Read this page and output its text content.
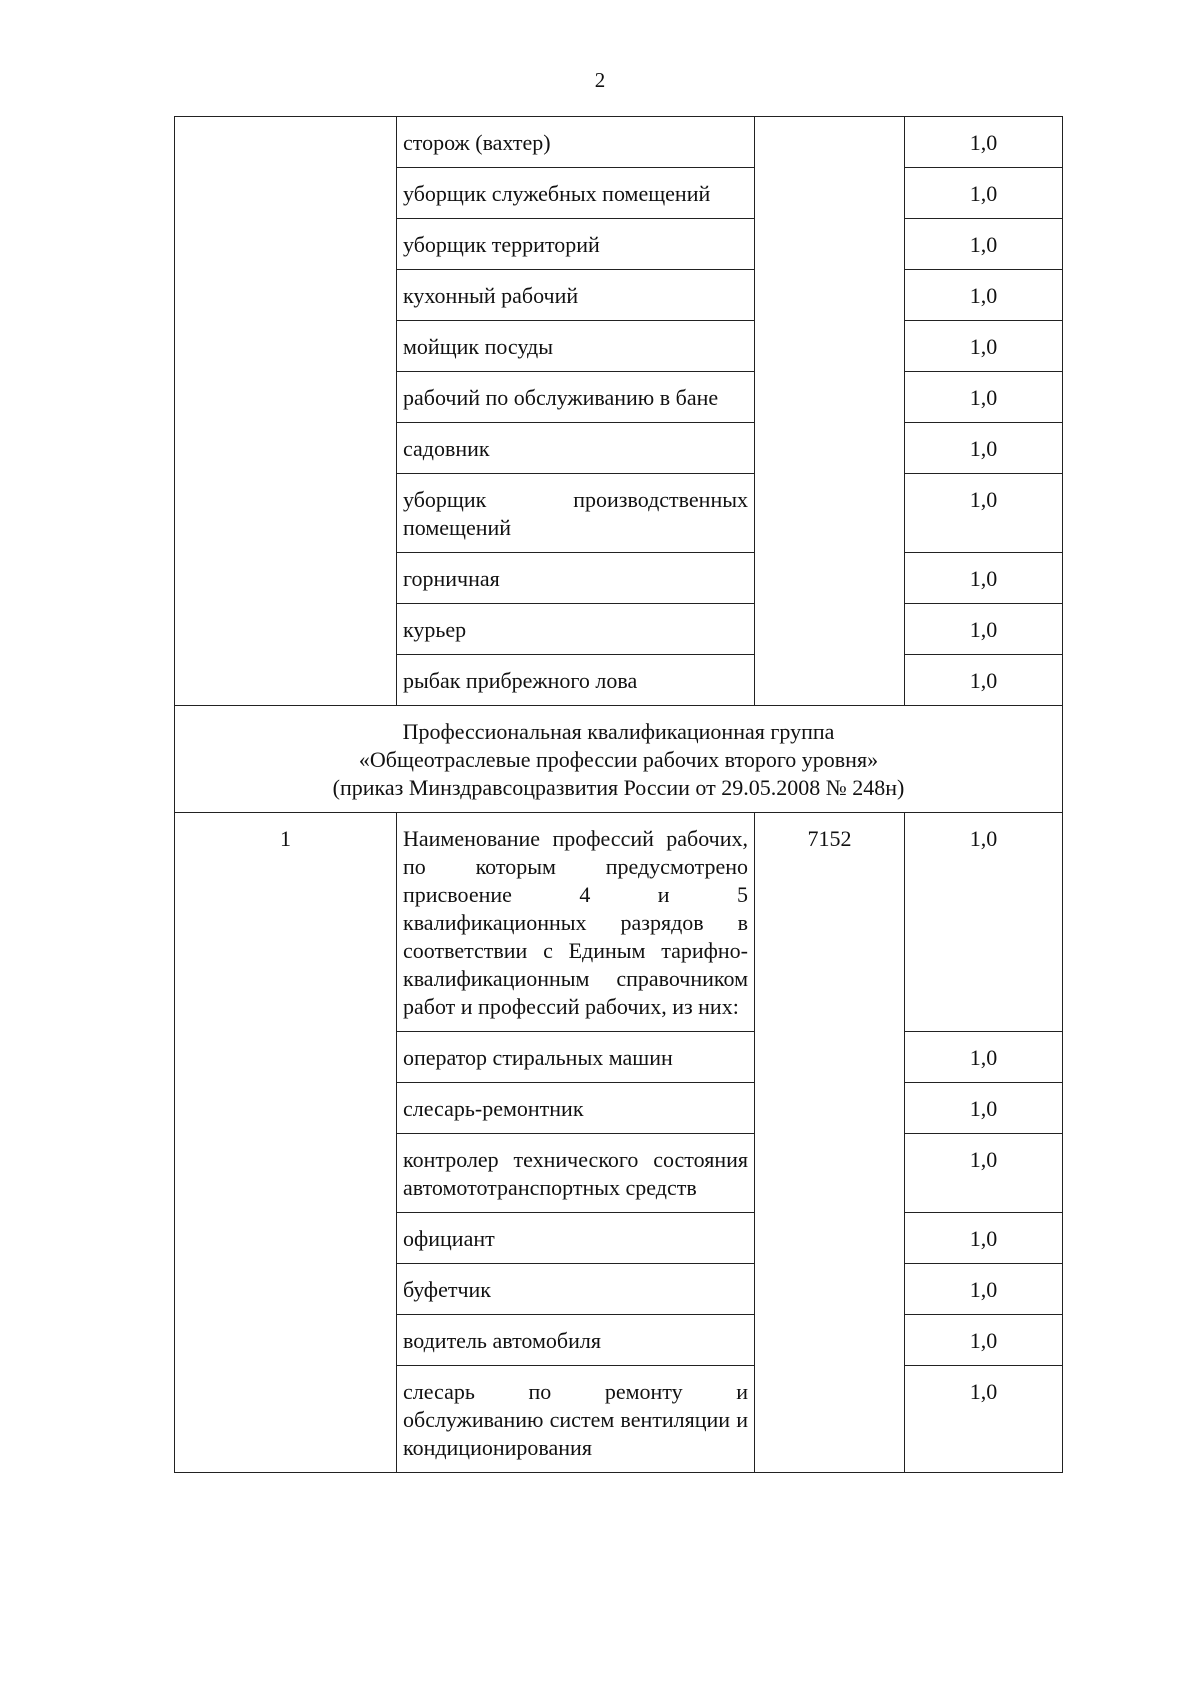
2
	сторож (вахтер)		1,0
	уборщик служебных помещений		1,0
	уборщик территорий		1,0
	кухонный рабочий		1,0
	мойщик посуды		1,0
	рабочий по обслуживанию в бане		1,0
	садовник		1,0
	уборщик производственных помещений		1,0
	горничная		1,0
	курьер		1,0
	рыбак прибрежного лова		1,0

Профессиональная квалификационная группа
«Общеотраслевые профессии рабочих второго уровня»
(приказ Минздравсоцразвития России от 29.05.2008 № 248н)			

1	Наименование профессий рабочих, по которым предусмотрено присвоение 4 и 5 квалификационных разрядов в соответствии с Единым тарифно-квалификационным справочником работ и профессий рабочих, из них:	7152	1,0
	оператор стиральных машин		1,0
	слесарь-ремонтник		1,0
	контролер технического состояния автомототранспортных средств		1,0
	официант		1,0
	буфетчик		1,0
	водитель автомобиля		1,0
	слесарь по ремонту и обслуживанию систем вентиляции и кондиционирования		1,0
